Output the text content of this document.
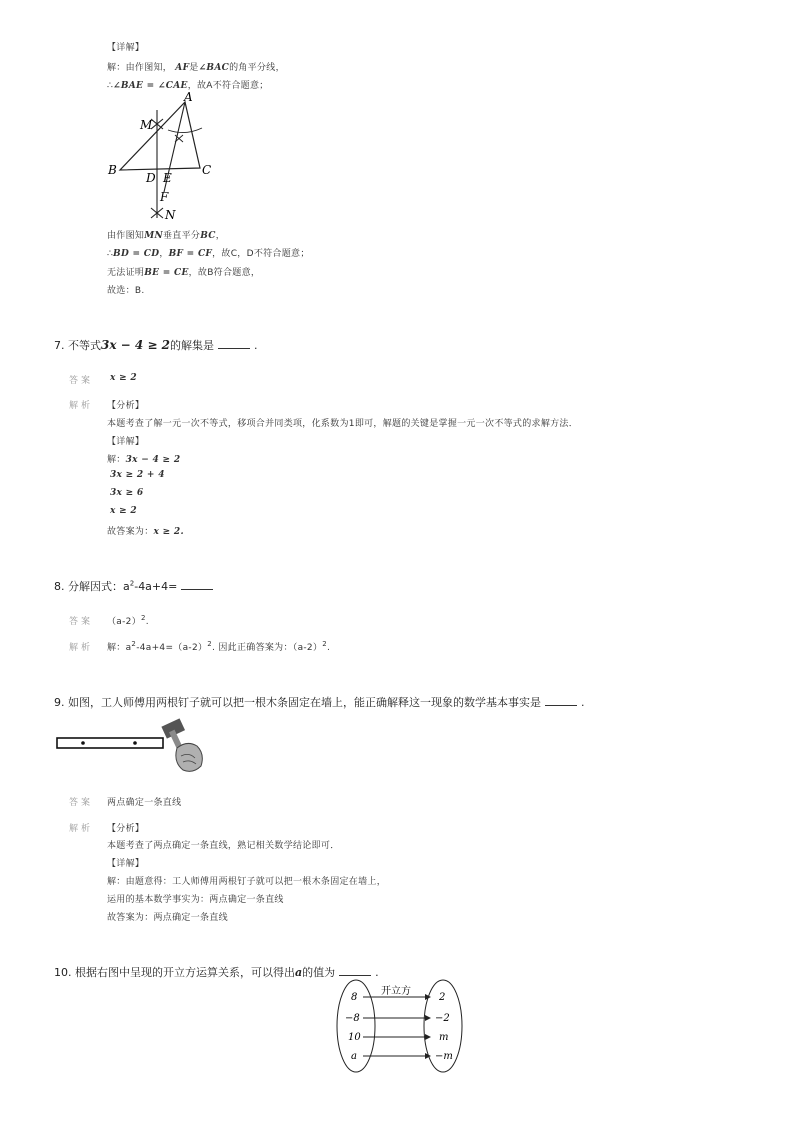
【详解】
解：由作图知， AF是∠BAC的角平分线，
∴∠BAE = ∠CAE，故A不符合题意；
A
M
B
D E
C
F
N
由作图知MN垂直平分BC，
∴BD = CD，BF = CF，故C，D不符合题意；
无法证明BE = CE，故B符合题意，
故选：B.
7. 不等式3x − 4 ≥ 2的解集是	.
答案 x ≥ 2
解析 【分析】
本题考查了解一元一次不等式，移项合并同类项，化系数为1即可，解题的关键是掌握一元一次不等式的求解方法．
【详解】
解：3x − 4 ≥ 2
3x ≥ 2 + 4
3x ≥ 6
x ≥ 2
故答案为：x ≥ 2.
8. 分解因式：$a^2-4a+4=$
答案 $(a-2)^2$.
解析 解：$a^2-4a+4=(a-2)^2$. 因此正确答案为：$(a-2)^2$.
9. 如图，工人师傅用两根钉子就可以把一根木条固定在墙上，能正确解释这一现象的数学基本事实是	.
答案 两点确定一条直线
解析 【分析】
本题考查了两点确定一条直线，熟记相关数学结论即可．
【详解】
解：由题意得：工人师傅用两根钉子就可以把一根木条固定在墙上，
运用的基本数学事实为：两点确定一条直线
故答案为：两点确定一条直线
10. 根据右图中呈现的开立方运算关系，可以得出a的值为	.
开立方
8	2
−8	−2
10	m
a	−m
